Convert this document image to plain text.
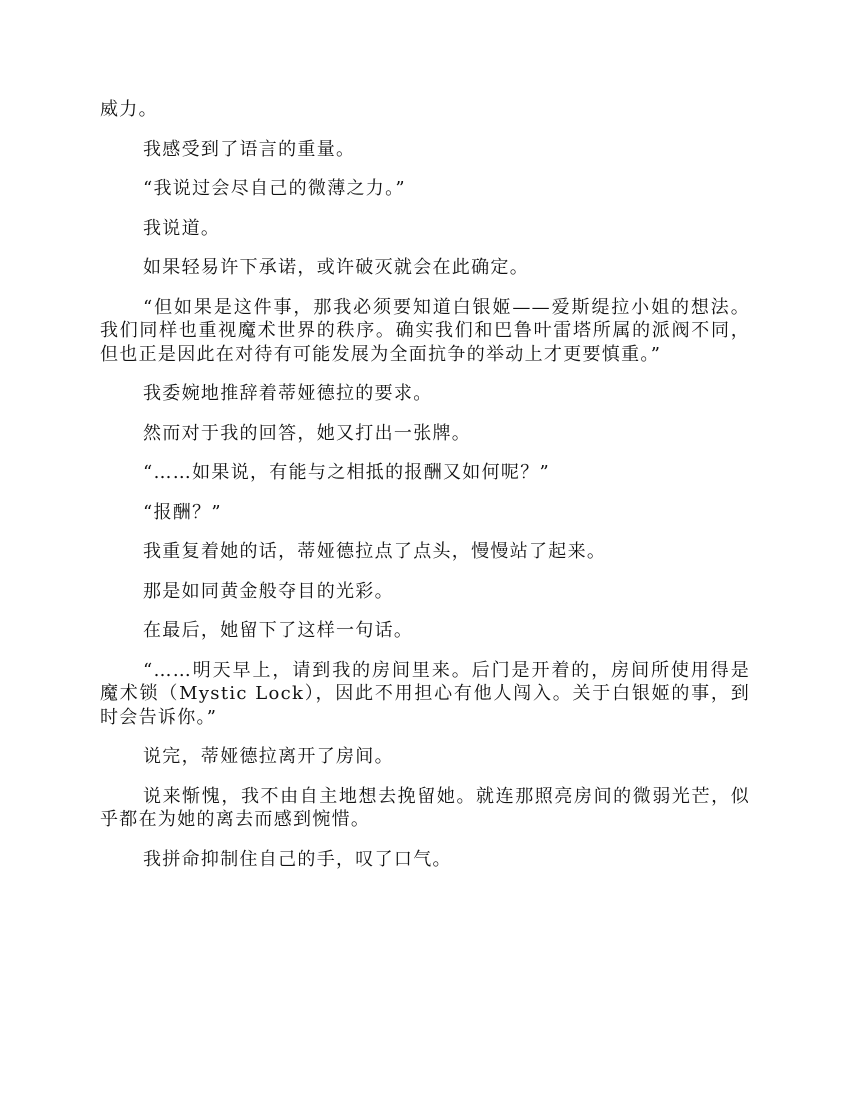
威力。

我感受到了语言的重量。

“我说过会尽自己的微薄之力。”

我说道。

如果轻易许下承诺，或许破灭就会在此确定。

“但如果是这件事，那我必须要知道白银姬——爱斯缇拉小姐的想法。我们同样也重视魔术世界的秩序。确实我们和巴鲁叶雷塔所属的派阀不同，但也正是因此在对待有可能发展为全面抗争的举动上才更要慎重。”

我委婉地推辞着蒂娅德拉的要求。

然而对于我的回答，她又打出一张牌。

“……如果说，有能与之相抵的报酬又如何呢？”

“报酬？”

我重复着她的话，蒂娅德拉点了点头，慢慢站了起来。

那是如同黄金般夺目的光彩。

在最后，她留下了这样一句话。

“……明天早上，请到我的房间里来。后门是开着的，房间所使用得是魔术锁（Mystic Lock），因此不用担心有他人闯入。关于白银姬的事，到时会告诉你。”

说完，蒂娅德拉离开了房间。

说来惭愧，我不由自主地想去挽留她。就连那照亮房间的微弱光芒，似乎都在为她的离去而感到惋惜。

我拼命抑制住自己的手，叹了口气。
